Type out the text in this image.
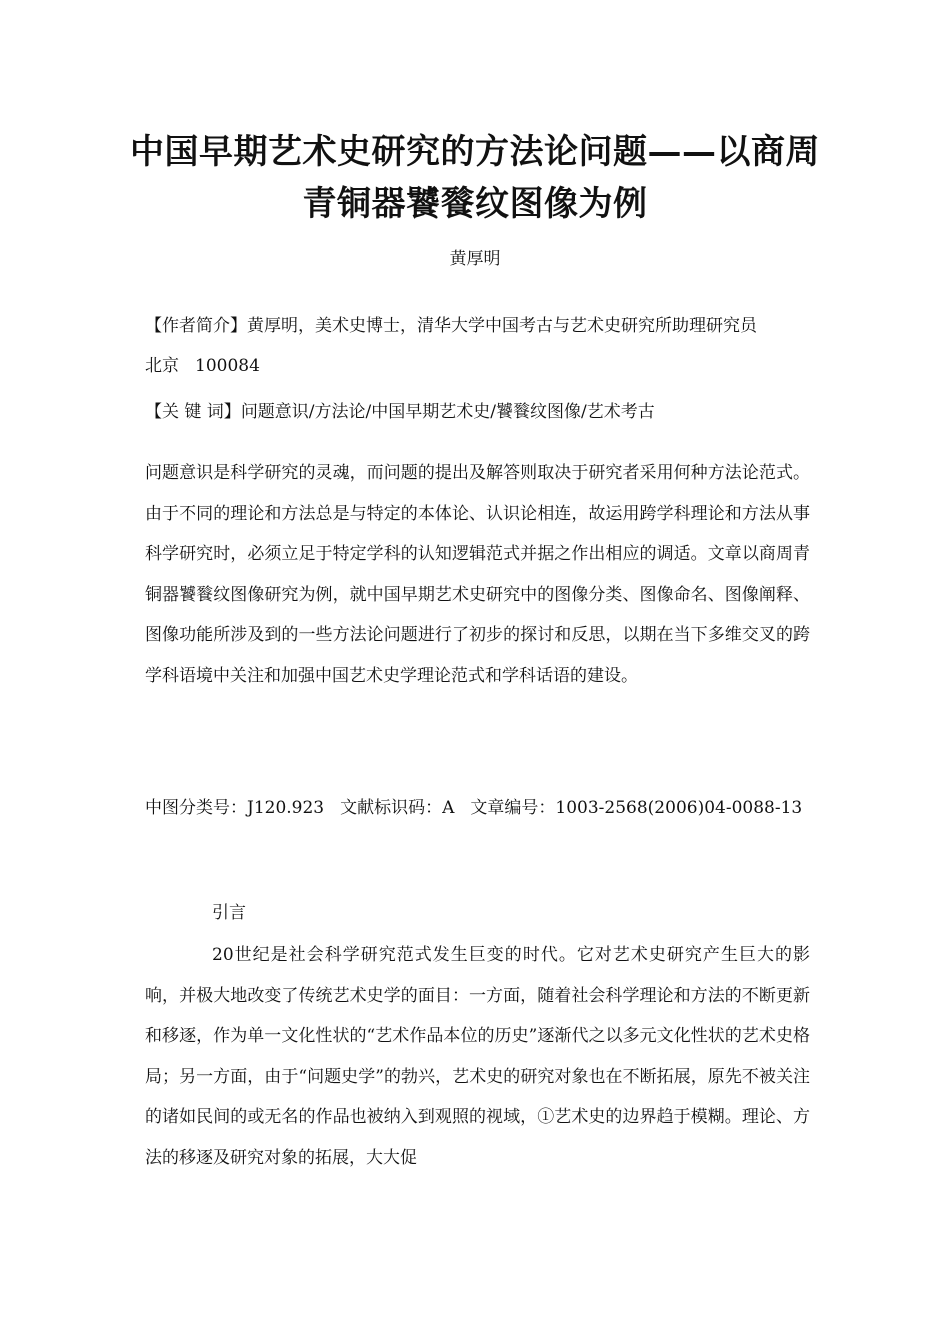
中国早期艺术史研究的方法论问题——以商周青铜器饕餮纹图像为例
黄厚明
【作者简介】黄厚明，美术史博士，清华大学中国考古与艺术史研究所助理研究员
北京 100084
【关 键 词】问题意识/方法论/中国早期艺术史/饕餮纹图像/艺术考古
问题意识是科学研究的灵魂，而问题的提出及解答则取决于研究者采用何种方法论范式。由于不同的理论和方法总是与特定的本体论、认识论相连，故运用跨学科理论和方法从事科学研究时，必须立足于特定学科的认知逻辑范式并据之作出相应的调适。文章以商周青铜器饕餮纹图像研究为例，就中国早期艺术史研究中的图像分类、图像命名、图像阐释、图像功能所涉及到的一些方法论问题进行了初步的探讨和反思，以期在当下多维交叉的跨学科语境中关注和加强中国艺术史学理论范式和学科话语的建设。
中图分类号：J120.923 文献标识码：A 文章编号：1003-2568(2006)04-0088-13
引言
20世纪是社会科学研究范式发生巨变的时代。它对艺术史研究产生巨大的影响，并极大地改变了传统艺术史学的面目：一方面，随着社会科学理论和方法的不断更新和移逐，作为单一文化性状的“艺术作品本位的历史”逐渐代之以多元文化性状的艺术史格局；另一方面，由于“问题史学”的勃兴，艺术史的研究对象也在不断拓展，原先不被关注的诸如民间的或无名的作品也被纳入到观照的视域，①艺术史的边界趋于模糊。理论、方法的移逐及研究对象的拓展，大大促
